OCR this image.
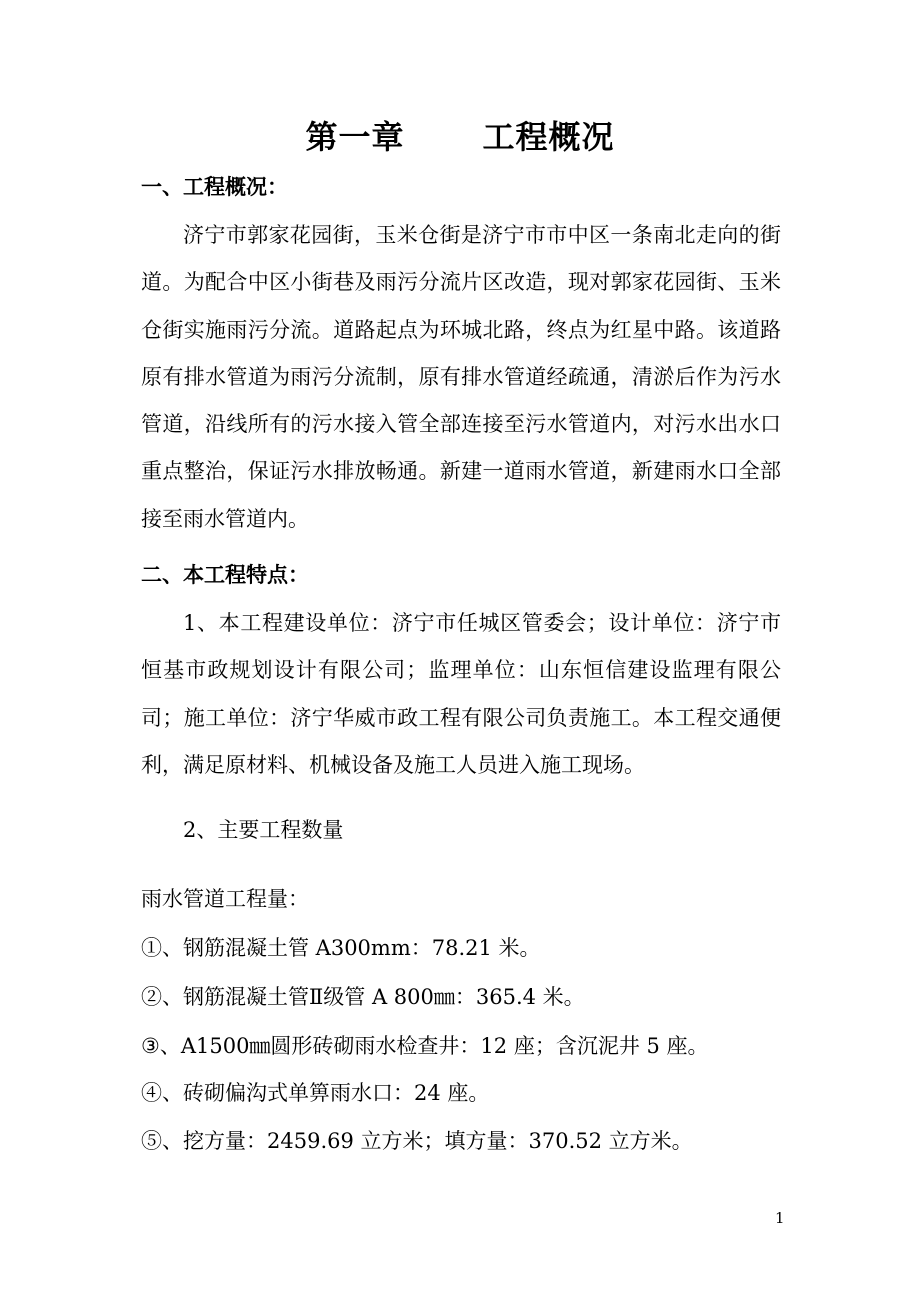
第一章 工程概况
一、工程概况：

济宁市郭家花园街，玉米仓街是济宁市市中区一条南北走向的街道。为配合中区小街巷及雨污分流片区改造，现对郭家花园街、玉米仓街实施雨污分流。道路起点为环城北路，终点为红星中路。该道路原有排水管道为雨污分流制，原有排水管道经疏通，清淤后作为污水管道，沿线所有的污水接入管全部连接至污水管道内，对污水出水口重点整治，保证污水排放畅通。新建一道雨水管道，新建雨水口全部接至雨水管道内。

二、本工程特点：

1、本工程建设单位：济宁市任城区管委会；设计单位：济宁市恒基市政规划设计有限公司；监理单位：山东恒信建设监理有限公司；施工单位：济宁华威市政工程有限公司负责施工。本工程交通便利，满足原材料、机械设备及施工人员进入施工现场。

2、主要工程数量
雨水管道工程量：
①、钢筋混凝土管 A300mm：78.21 米。
②、钢筋混凝土管Ⅱ级管 A 800㎜：365.4 米。
③、A1500㎜圆形砖砌雨水检查井：12 座；含沉泥井 5 座。
④、砖砌偏沟式单箅雨水口：24 座。
⑤、挖方量：2459.69 立方米；填方量：370.52 立方米。
1
